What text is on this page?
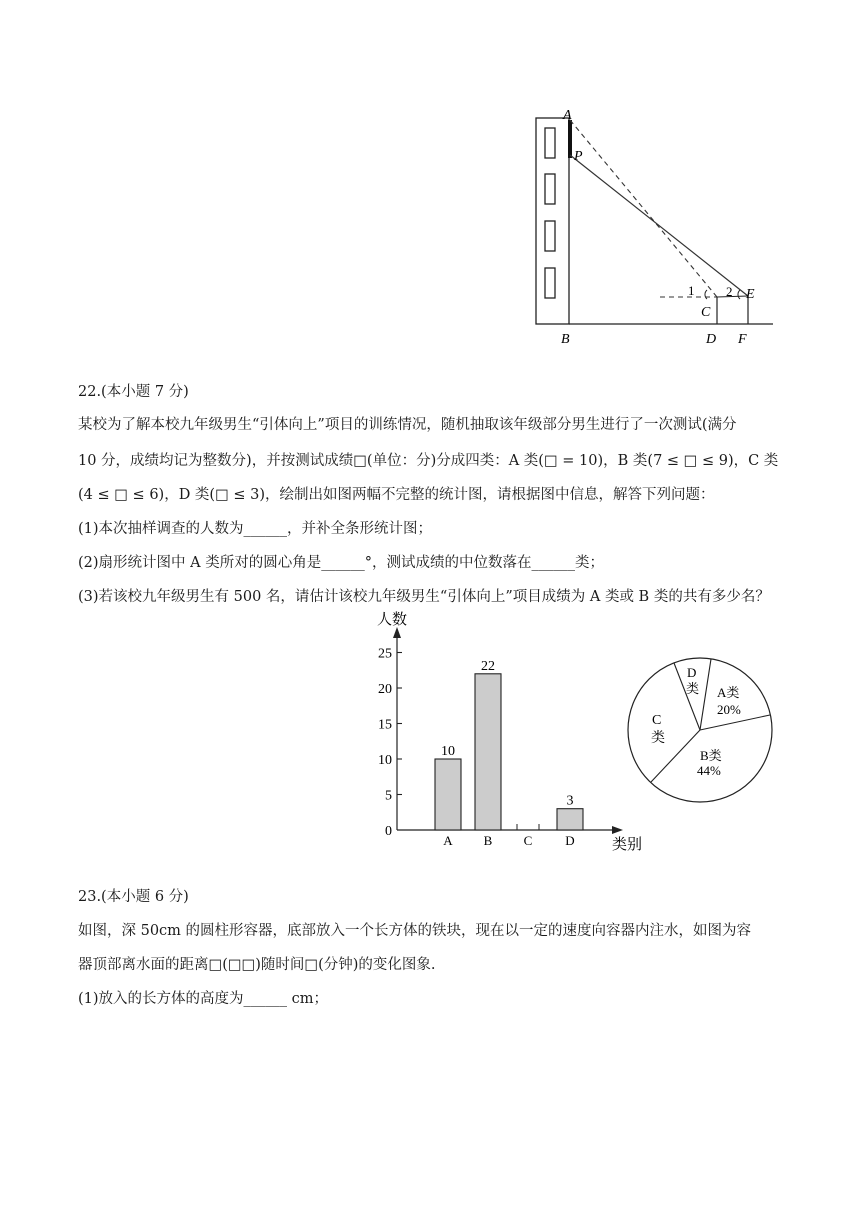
A
P
1 2 E
C
B	D F
22.(本小题 7 分)
某校为了解本校九年级男生“引体向上”项目的训练情况，随机抽取该年级部分男生进行了一次测试(满分
10 分，成绩均记为整数分)，并按测试成绩□(单位：分)分成四类：A 类(□ = 10)，B 类(7 ≤ □ ≤ 9)，C 类
(4 ≤ □ ≤ 6)，D 类(□ ≤ 3)，绘制出如图两幅不完整的统计图，请根据图中信息，解答下列问题：
(1)本次抽样调查的人数为______，并补全条形统计图；
(2)扇形统计图中 A 类所对的圆心角是______°，测试成绩的中位数落在______类；
(3)若该校九年级男生有 500 名，请估计该校九年级男生“引体向上”项目成绩为 A 类或 B 类的共有多少名？
人数
类别
0
5
10
15
20
25
10
A
22
B C
3
D
D
类 A类
20%
B类
44%
C
类
23.(本小题 6 分)
如图，深 50cm 的圆柱形容器，底部放入一个长方体的铁块，现在以一定的速度向容器内注水，如图为容
器顶部离水面的距离□(□□)随时间□(分钟)的变化图象.
(1)放入的长方体的高度为______ cm；
